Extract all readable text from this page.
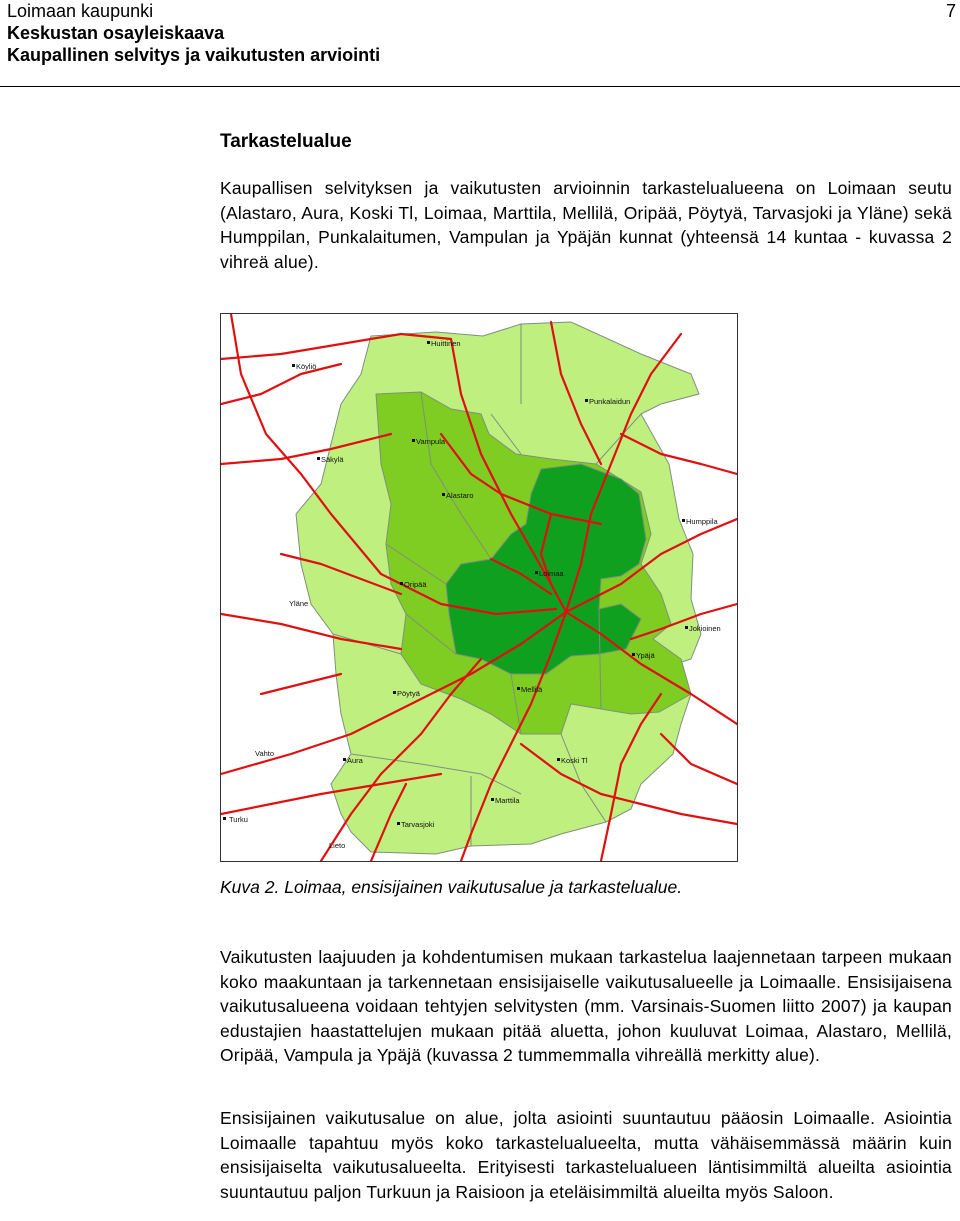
Loimaan kaupunki
Keskustan osayleiskaava
Kaupallinen selvitys ja vaikutusten arviointi
7
Tarkastelualue
Kaupallisen selvityksen ja vaikutusten arvioinnin tarkastelualueena on Loimaan seutu (Alastaro, Aura, Koski Tl, Loimaa, Marttila, Mellilä, Oripää, Pöytyä, Tarvasjoki ja Yläne) sekä Humppilan, Punkalaitumen, Vampulan ja Ypäjän kunnat (yhteensä 14 kuntaa - kuvassa 2 vihreä alue).
Huittinen
Köyliö
Punkalaidun
Vampula
Säkylä
Alastaro
Humppila
Loimaa
Oripää
Yläne
Jokioinen
Ypäjä
Mellilä
Pöytyä
Vahto
Aura	Koski Tl
Marttila
Turku
Tarvasjoki
Lieto
Kuva 2. Loimaa, ensisijainen vaikutusalue ja tarkastelualue.
Vaikutusten laajuuden ja kohdentumisen mukaan tarkastelua laajennetaan tarpeen mukaan koko maakuntaan ja tarkennetaan ensisijaiselle vaikutusalueelle ja Loimaalle. Ensisijaisena vaikutusalueena voidaan tehtyjen selvitysten (mm. Varsinais-Suomen liitto 2007) ja kaupan edustajien haastattelujen mukaan pitää aluetta, johon kuuluvat Loimaa, Alastaro, Mellilä, Oripää, Vampula ja Ypäjä (kuvassa 2 tummemmalla vihreällä merkitty alue).
Ensisijainen vaikutusalue on alue, jolta asiointi suuntautuu pääosin Loimaalle. Asiointia Loimaalle tapahtuu myös koko tarkastelualueelta, mutta vähäisemmässä määrin kuin ensisijaiselta vaikutusalueelta. Erityisesti tarkastelualueen läntisimmiltä alueilta asiointia suuntautuu paljon Turkuun ja Raisioon ja eteläisimmiltä alueilta myös Saloon.
